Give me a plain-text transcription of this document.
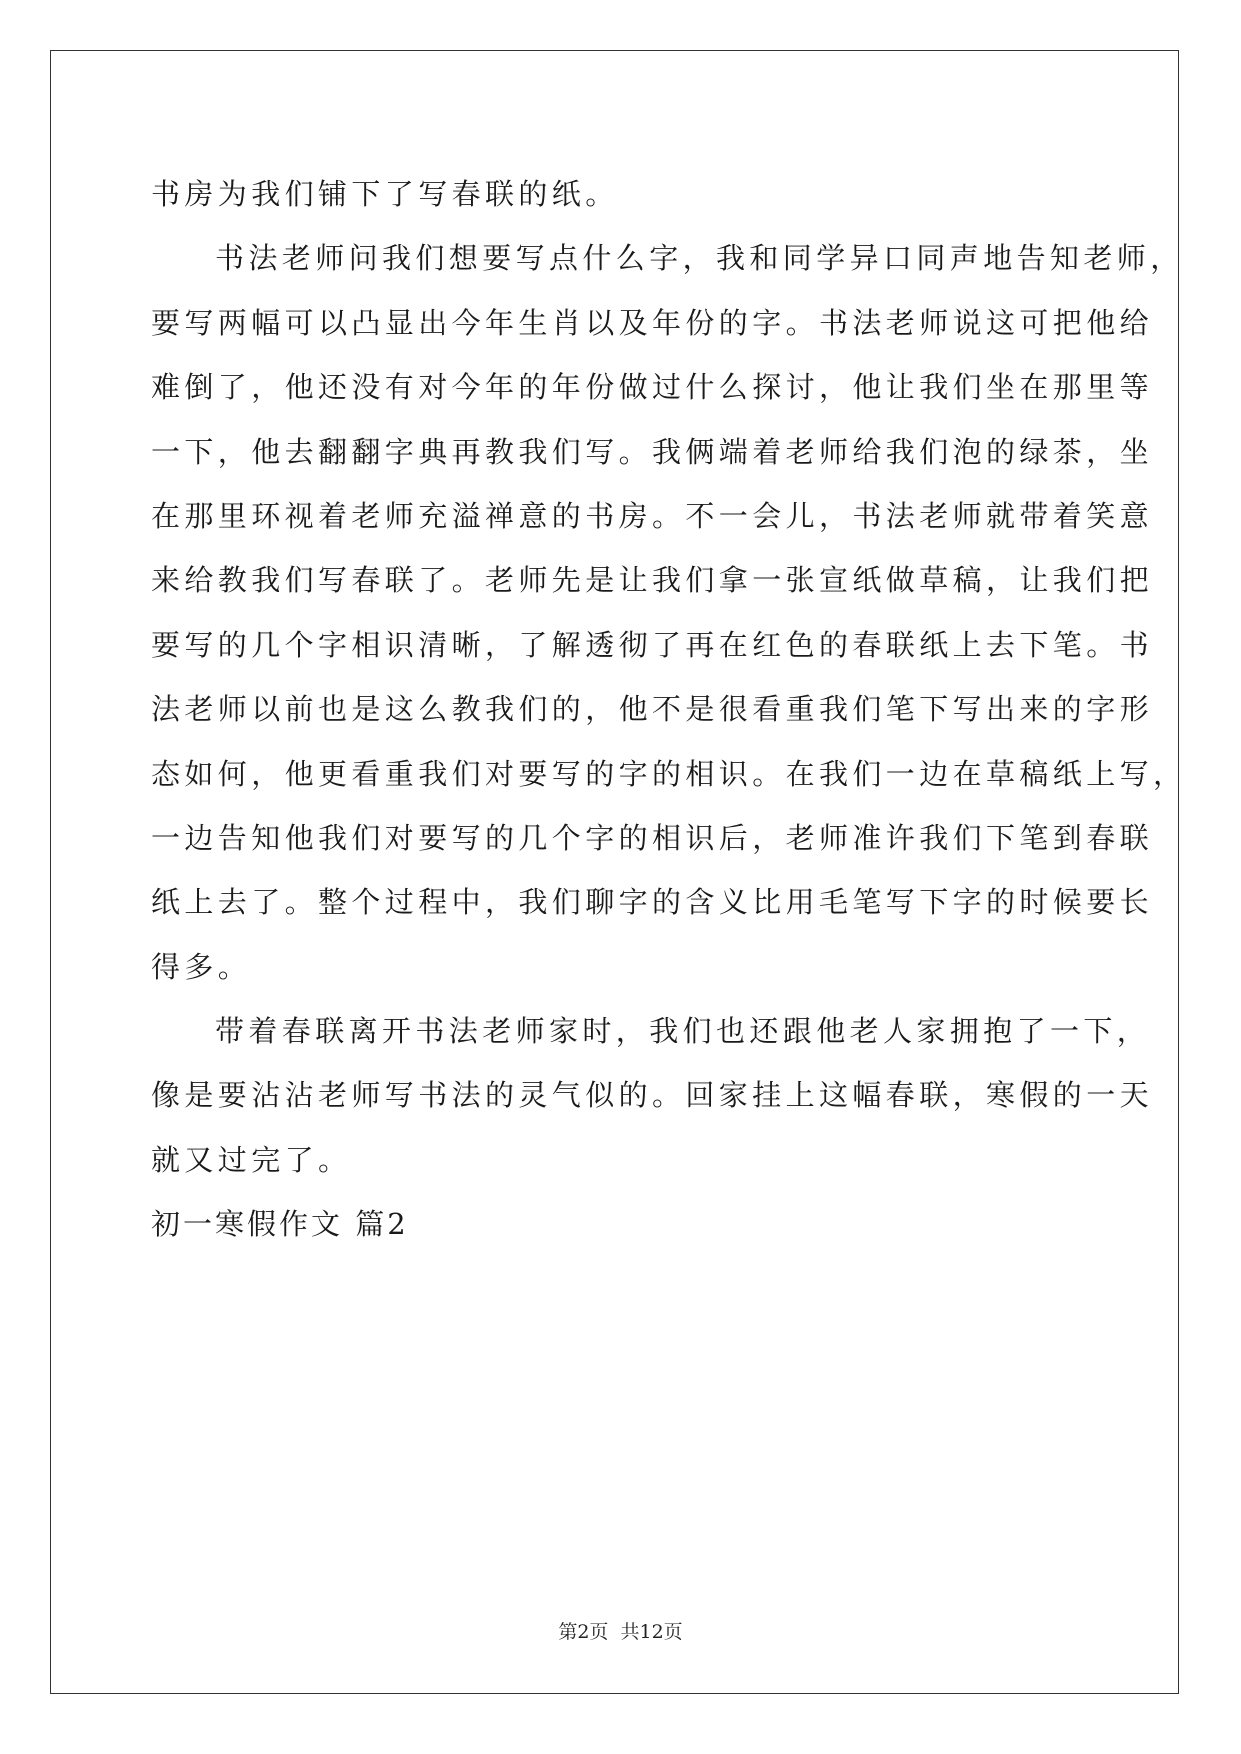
书房为我们铺下了写春联的纸。

书法老师问我们想要写点什么字，我和同学异口同声地告知老师，

要写两幅可以凸显出今年生肖以及年份的字。书法老师说这可把他给

难倒了，他还没有对今年的年份做过什么探讨，他让我们坐在那里等

一下，他去翻翻字典再教我们写。我俩端着老师给我们泡的绿茶，坐

在那里环视着老师充溢禅意的书房。不一会儿，书法老师就带着笑意

来给教我们写春联了。老师先是让我们拿一张宣纸做草稿，让我们把

要写的几个字相识清晰，了解透彻了再在红色的春联纸上去下笔。书

法老师以前也是这么教我们的，他不是很看重我们笔下写出来的字形

态如何，他更看重我们对要写的字的相识。在我们一边在草稿纸上写，

一边告知他我们对要写的几个字的相识后，老师准许我们下笔到春联

纸上去了。整个过程中，我们聊字的含义比用毛笔写下字的时候要长

得多。

带着春联离开书法老师家时，我们也还跟他老人家拥抱了一下，

像是要沾沾老师写书法的灵气似的。回家挂上这幅春联，寒假的一天

就又过完了。

初一寒假作文 篇2

第2页  共12页
